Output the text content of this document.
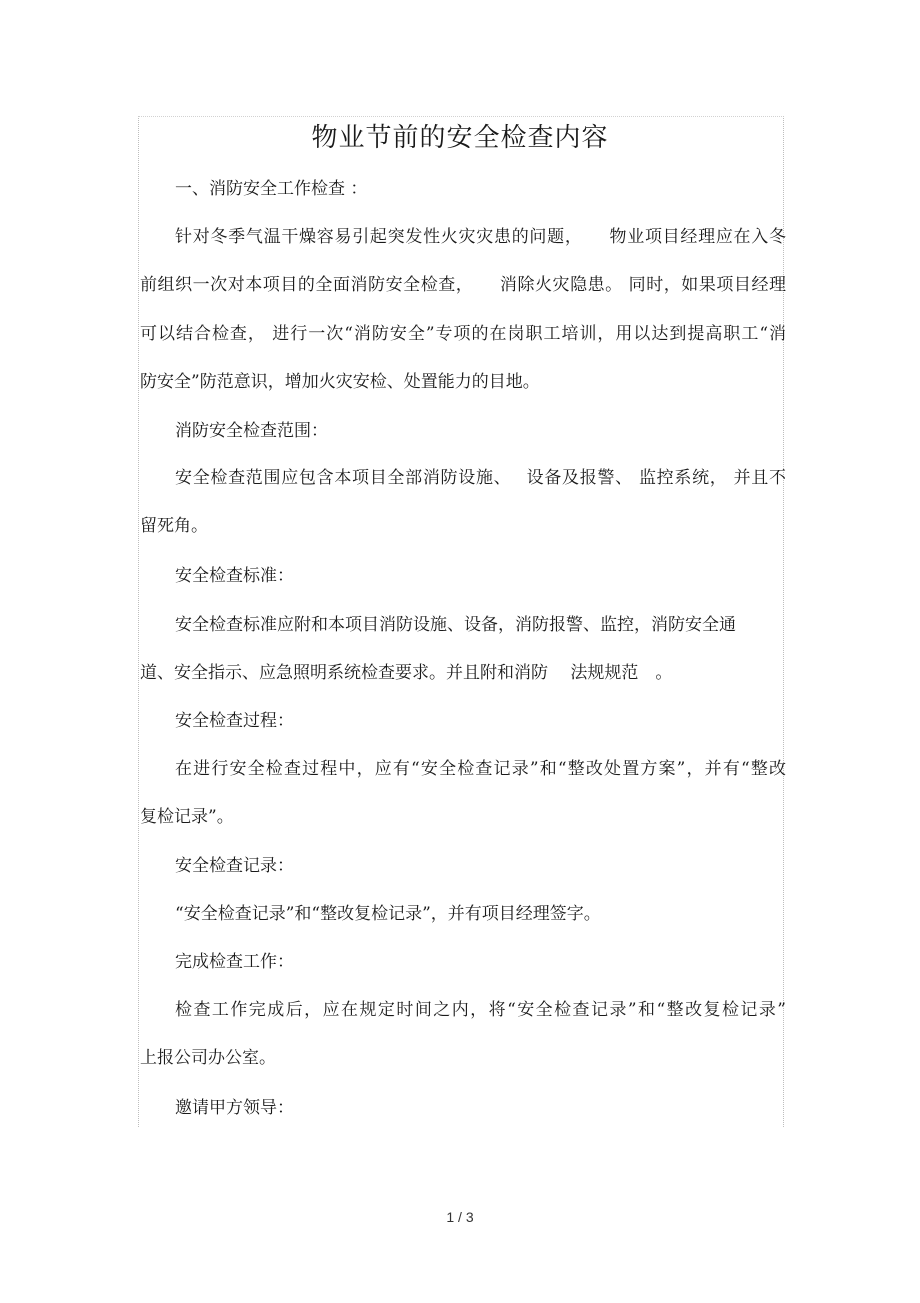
物业节前的安全检查内容
一、消防安全工作检查 ：
针对冬季气温干燥容易引起突发性火灾灾患的问题，　　物业项目经理应在入冬
前组织一次对本项目的全面消防安全检查，　　消除火灾隐患。 同时，如果项目经理
可以结合检查， 进行一次“消防安全”专项的在岗职工培训，用以达到提高职工“消
防安全”防范意识，增加火灾安检、处置能力的目地。
消防安全检查范围：
安全检查范围应包含本项目全部消防设施、　 设备及报警、 监控系统， 并且不
留死角。
安全检查标准：
安全检查标准应附和本项目消防设施、设备，消防报警、监控，消防安全通
道、安全指示、应急照明系统检查要求。并且附和消防　 法规规范　。
安全检查过程：
在进行安全检查过程中，应有“安全检查记录”和“整改处置方案”，并有“整改
复检记录”。
安全检查记录：
“安全检查记录”和“整改复检记录”，并有项目经理签字。
完成检查工作：
检查工作完成后，应在规定时间之内，将“安全检查记录”和“整改复检记录”
上报公司办公室。
邀请甲方领导：
1 / 3
